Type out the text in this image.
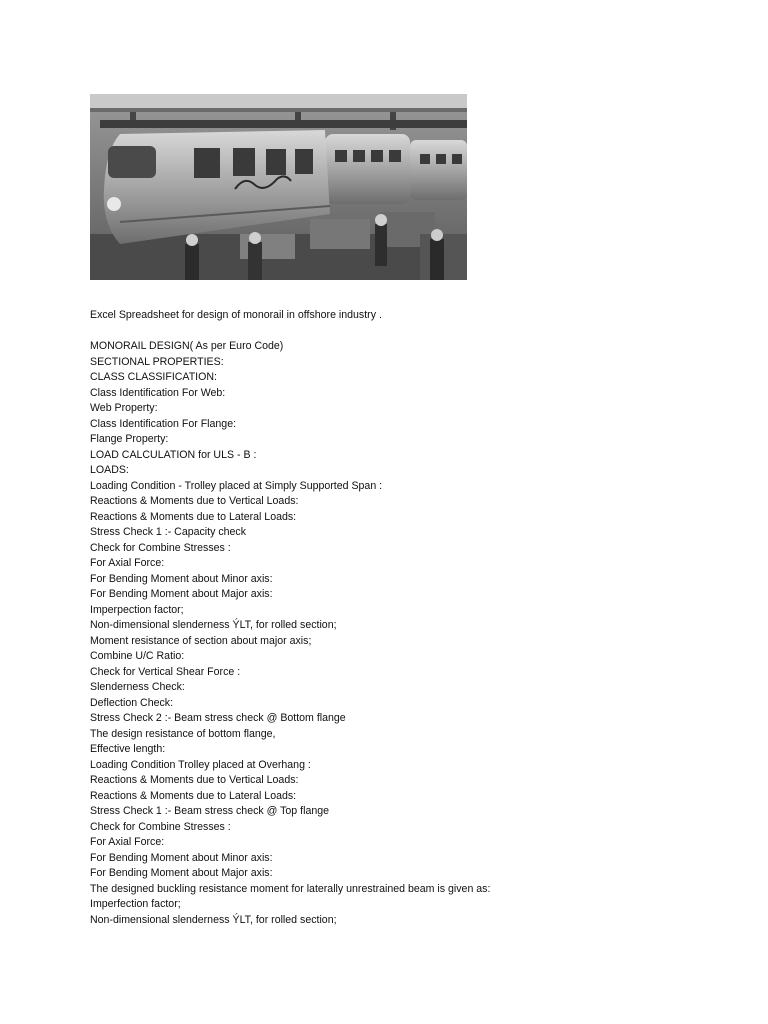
Excel Spreadsheet for design of monorail in offshore industry .
MONORAIL DESIGN( As per Euro Code)
SECTIONAL PROPERTIES:
CLASS CLASSIFICATION:
Class Identification For Web:
Web Property:
Class Identification For Flange:
Flange Property:
LOAD CALCULATION for ULS - B :
LOADS:
Loading Condition - Trolley placed at Simply Supported Span :
Reactions & Moments due to Vertical Loads:
Reactions & Moments due to Lateral Loads:
Stress Check 1 :- Capacity check
Check for Combine Stresses :
For Axial Force:
For Bending Moment about Minor axis:
For Bending Moment about Major axis:
Imperpection factor;
Non-dimensional slenderness ÝLT, for rolled section;
Moment resistance of section about major axis;
Combine U/C Ratio:
Check for Vertical Shear Force :
Slenderness Check:
Deflection Check:
Stress Check 2 :- Beam stress check @ Bottom flange
The design resistance of bottom flange,
Effective length:
Loading Condition Trolley placed at Overhang :
Reactions & Moments due to Vertical Loads:
Reactions & Moments due to Lateral Loads:
Stress Check 1 :- Beam stress check @ Top flange
Check for Combine Stresses :
For Axial Force:
For Bending Moment about Minor axis:
For Bending Moment about Major axis:
The designed buckling resistance moment for laterally unrestrained beam is given as:
Imperfection factor;
Non-dimensional slenderness ÝLT, for rolled section;
